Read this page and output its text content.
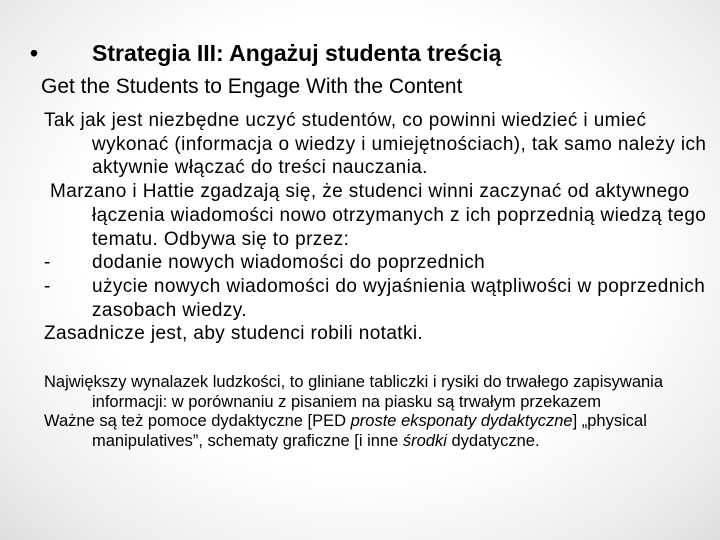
• Strategia III: Angażuj studenta treścią
Get the Students to Engage With the Content

Tak jak jest niezbędne uczyć studentów, co powinni wiedzieć i umieć wykonać (informacja o wiedzy i umiejętnościach), tak samo należy ich aktywnie włączać do treści nauczania.

Marzano i Hattie zgadzają się, że studenci winni zaczynać od aktywnego łączenia wiadomości nowo otrzymanych z ich poprzednią wiedzą tego tematu. Odbywa się to przez:

- dodanie nowych wiadomości do poprzednich

- użycie nowych wiadomości do wyjaśnienia wątpliwości w poprzednich zasobach wiedzy.

Zasadnicze jest, aby studenci robili notatki.

Największy wynalazek ludzkości, to gliniane tabliczki i rysiki do trwałego zapisywania informacji: w porównaniu z pisaniem na piasku są trwałym przekazem

Ważne są też pomoce dydaktyczne [PED proste eksponaty dydaktyczne] „physical manipulatives”, schematy graficzne [i inne środki dydatyczne.
